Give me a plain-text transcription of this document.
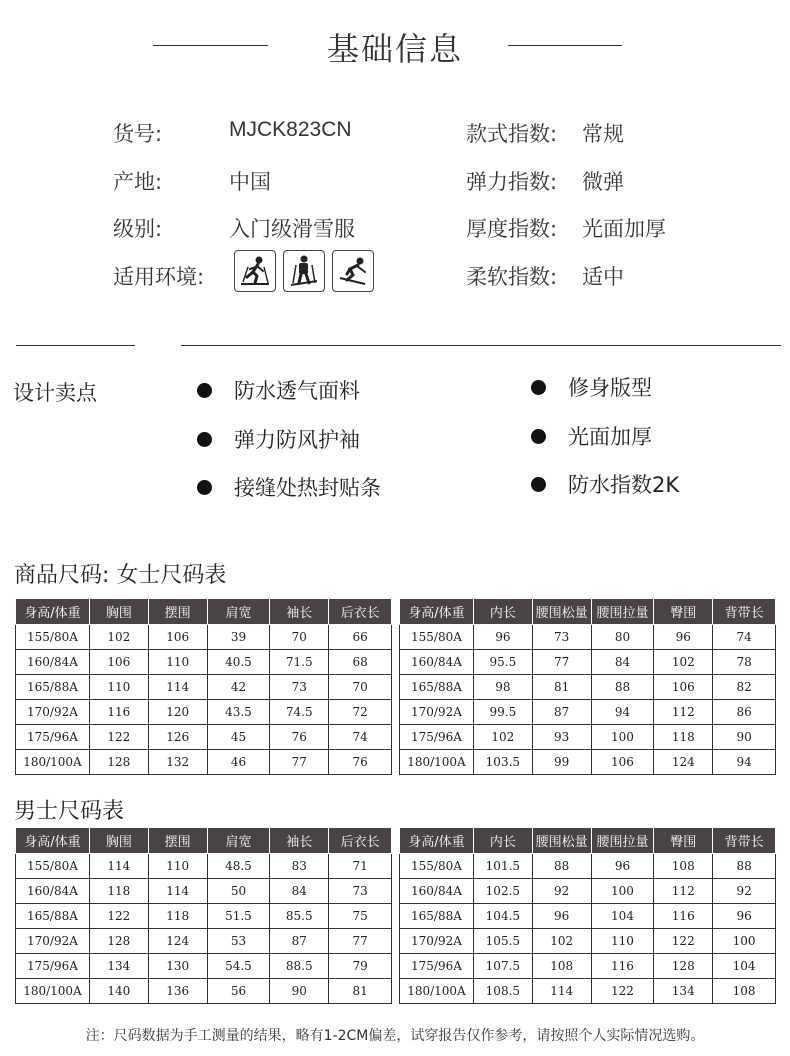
基础信息
货号:	MJCK823CN
产地:	中国
级别:	入门级滑雪服
适用环境:
款式指数: 常规
弹力指数: 微弹
厚度指数: 光面加厚
柔软指数: 适中
设计卖点	防水透气面料
弹力防风护袖
接缝处热封贴条
修身版型
光面加厚
防水指数2K
商品尺码: 女士尺码表
男士尺码表
身高/体重	胸围	摆围	肩宽	袖长	后衣长
155/80A	102	106	39	70	66
160/84A	106	110	40.5	71.5	68
165/88A	110	114	42	73	70
170/92A	116	120	43.5	74.5	72
175/96A	122	126	45	76	74
180/100A	128	132	46	77	76
身高/体重	内长	腰围松量	腰围拉量	臀围	背带长
155/80A	96	73	80	96	74
160/84A	95.5	77	84	102	78
165/88A	98	81	88	106	82
170/92A	99.5	87	94	112	86
175/96A	102	93	100	118	90
180/100A	103.5	99	106	124	94
身高/体重	胸围	摆围	肩宽	袖长	后衣长
155/80A	114	110	48.5	83	71
160/84A	118	114	50	84	73
165/88A	122	118	51.5	85.5	75
170/92A	128	124	53	87	77
175/96A	134	130	54.5	88.5	79
180/100A	140	136	56	90	81
身高/体重	内长	腰围松量	腰围拉量	臀围	背带长
155/80A	101.5	88	96	108	88
160/84A	102.5	92	100	112	92
165/88A	104.5	96	104	116	96
170/92A	105.5	102	110	122	100
175/96A	107.5	108	116	128	104
180/100A	108.5	114	122	134	108
注：尺码数据为手工测量的结果，略有1-2CM偏差，试穿报告仅作参考，请按照个人实际情况选购。
